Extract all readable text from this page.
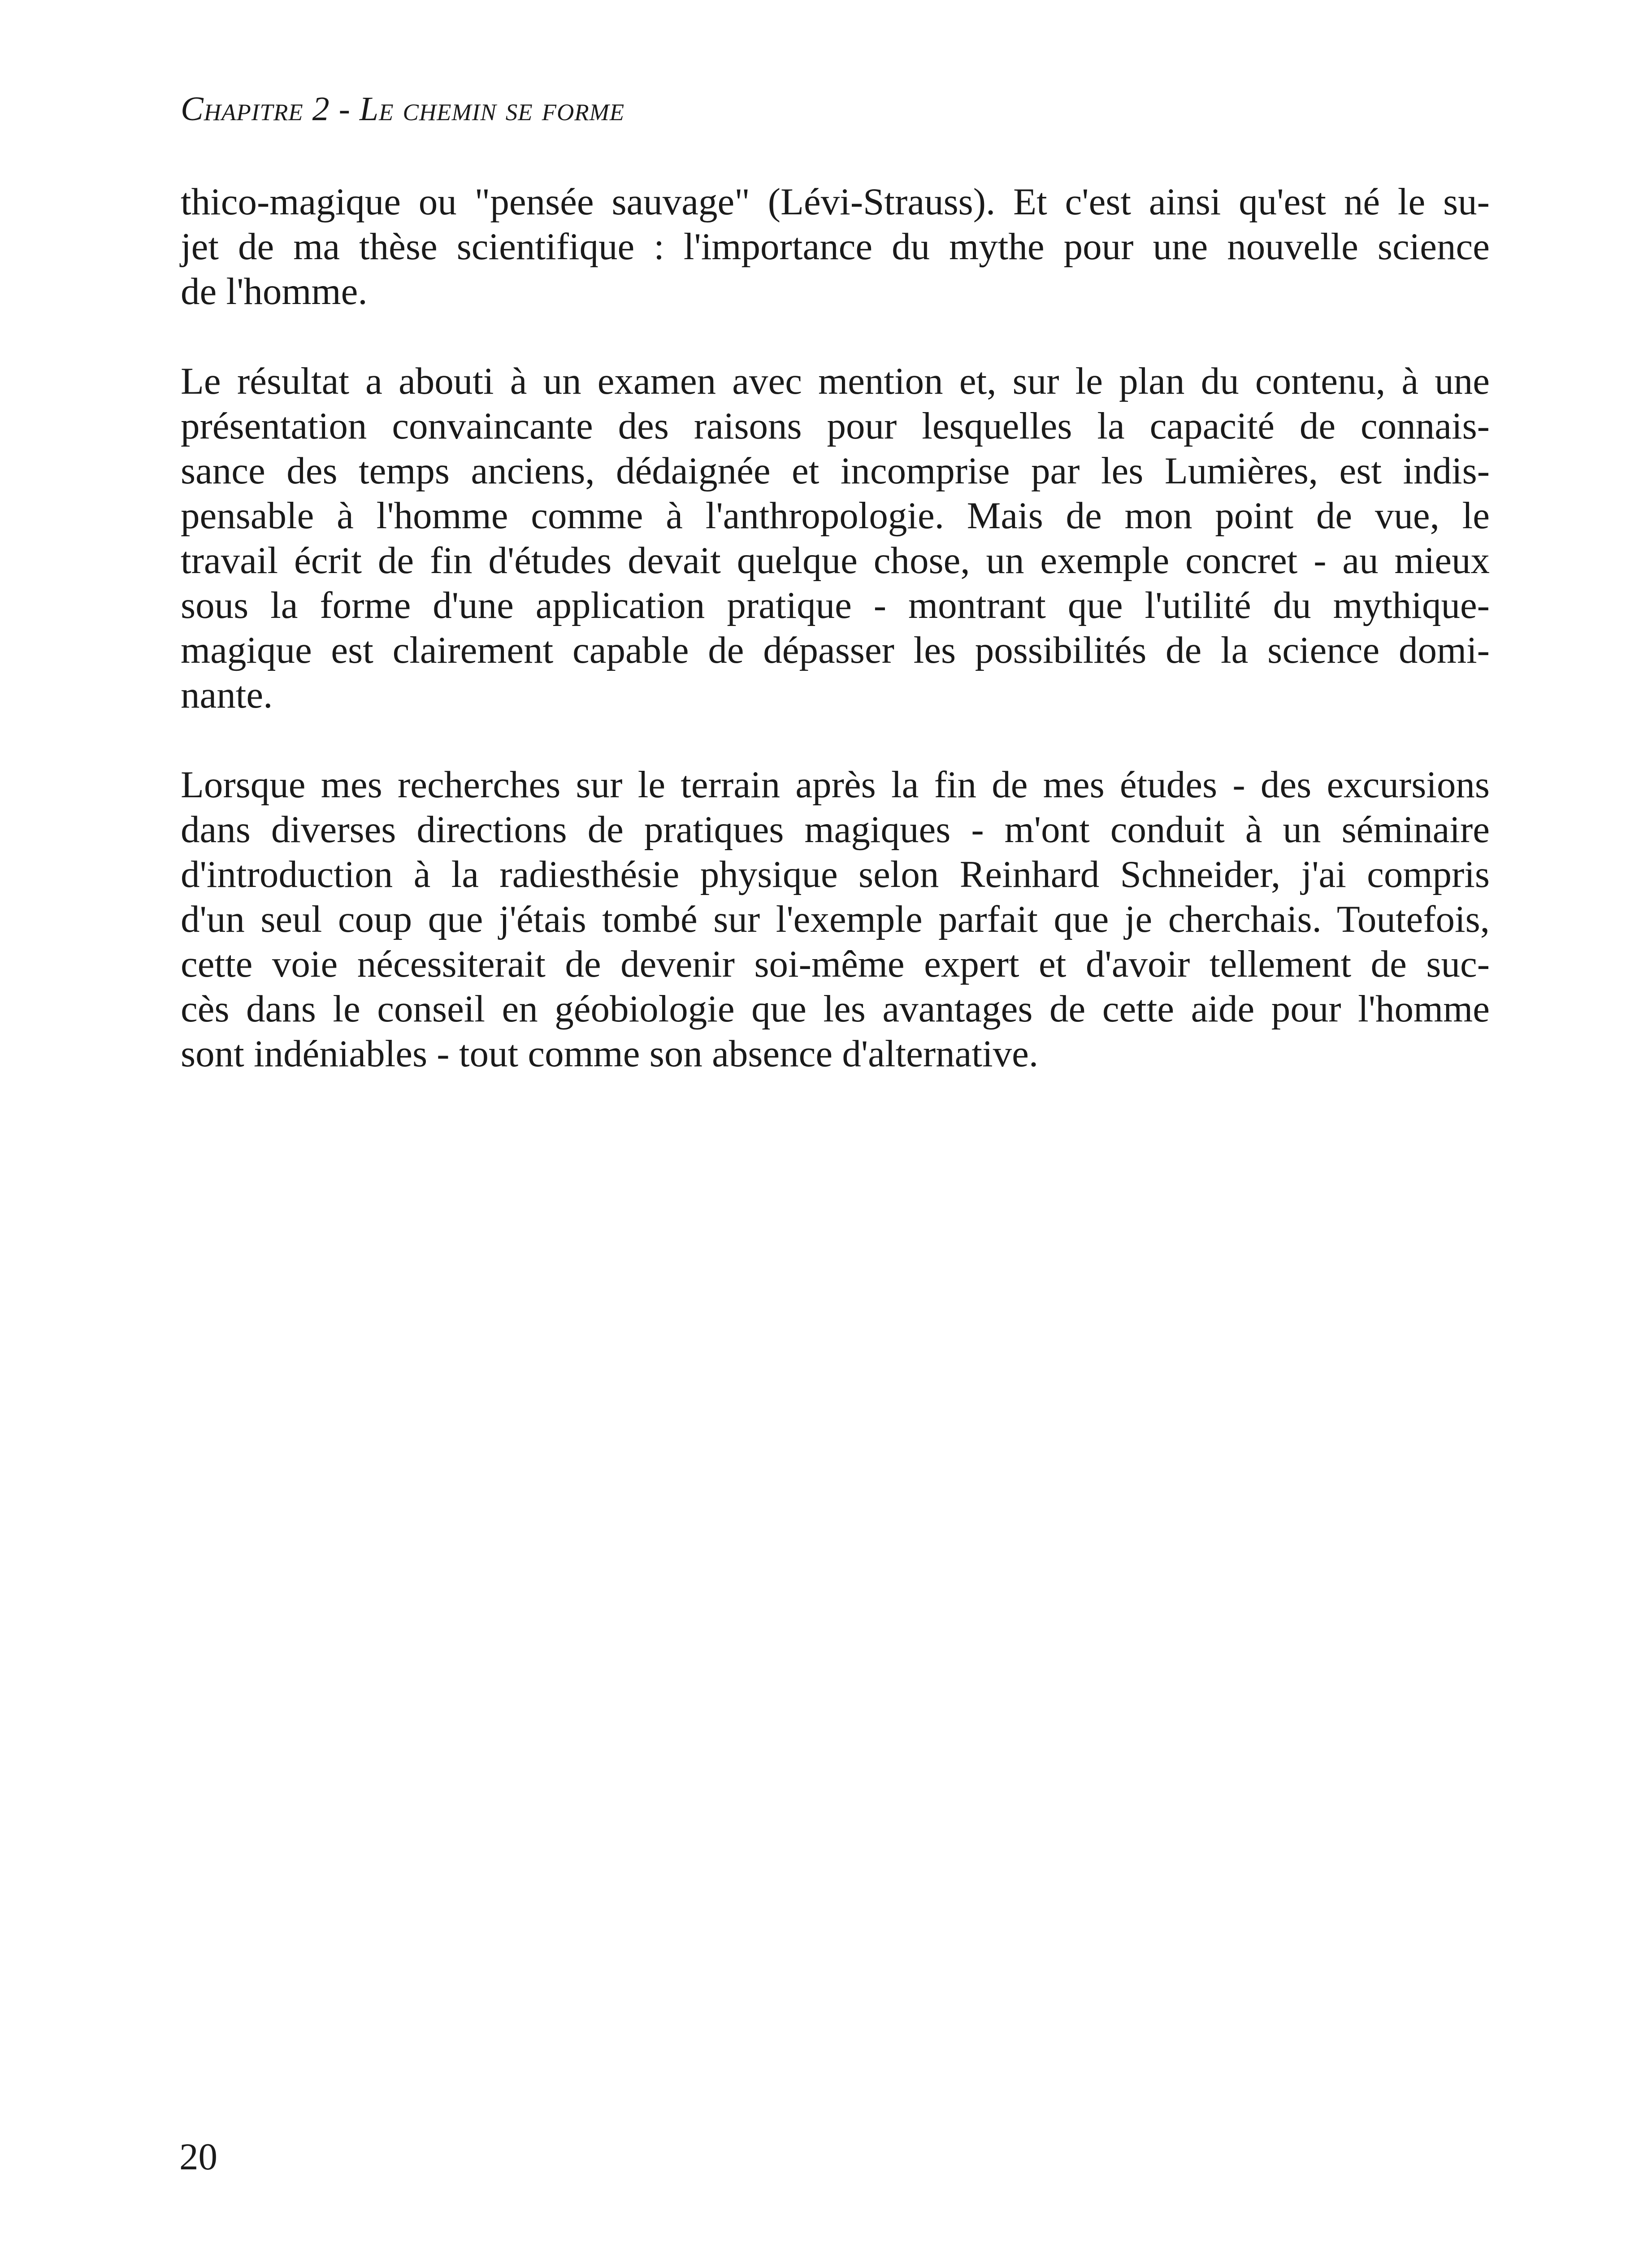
Chapitre 2 - Le chemin se forme

thico-magique ou "pensée sauvage" (Lévi-Strauss). Et c'est ainsi qu'est né le su-
jet de ma thèse scientifique : l'importance du mythe pour une nouvelle science
de l'homme.

Le résultat a abouti à un examen avec mention et, sur le plan du contenu, à une
présentation convaincante des raisons pour lesquelles la capacité de connais-
sance des temps anciens, dédaignée et incomprise par les Lumières, est indis-
pensable à l'homme comme à l'anthropologie. Mais de mon point de vue, le
travail écrit de fin d'études devait quelque chose, un exemple concret - au mieux
sous la forme d'une application pratique - montrant que l'utilité du mythique-
magique est clairement capable de dépasser les possibilités de la science domi-
nante.

Lorsque mes recherches sur le terrain après la fin de mes études - des excursions
dans diverses directions de pratiques magiques - m'ont conduit à un séminaire
d'introduction à la radiesthésie physique selon Reinhard Schneider, j'ai compris
d'un seul coup que j'étais tombé sur l'exemple parfait que je cherchais. Toutefois,
cette voie nécessiterait de devenir soi-même expert et d'avoir tellement de suc-
cès dans le conseil en géobiologie que les avantages de cette aide pour l'homme
sont indéniables - tout comme son absence d'alternative.

20
